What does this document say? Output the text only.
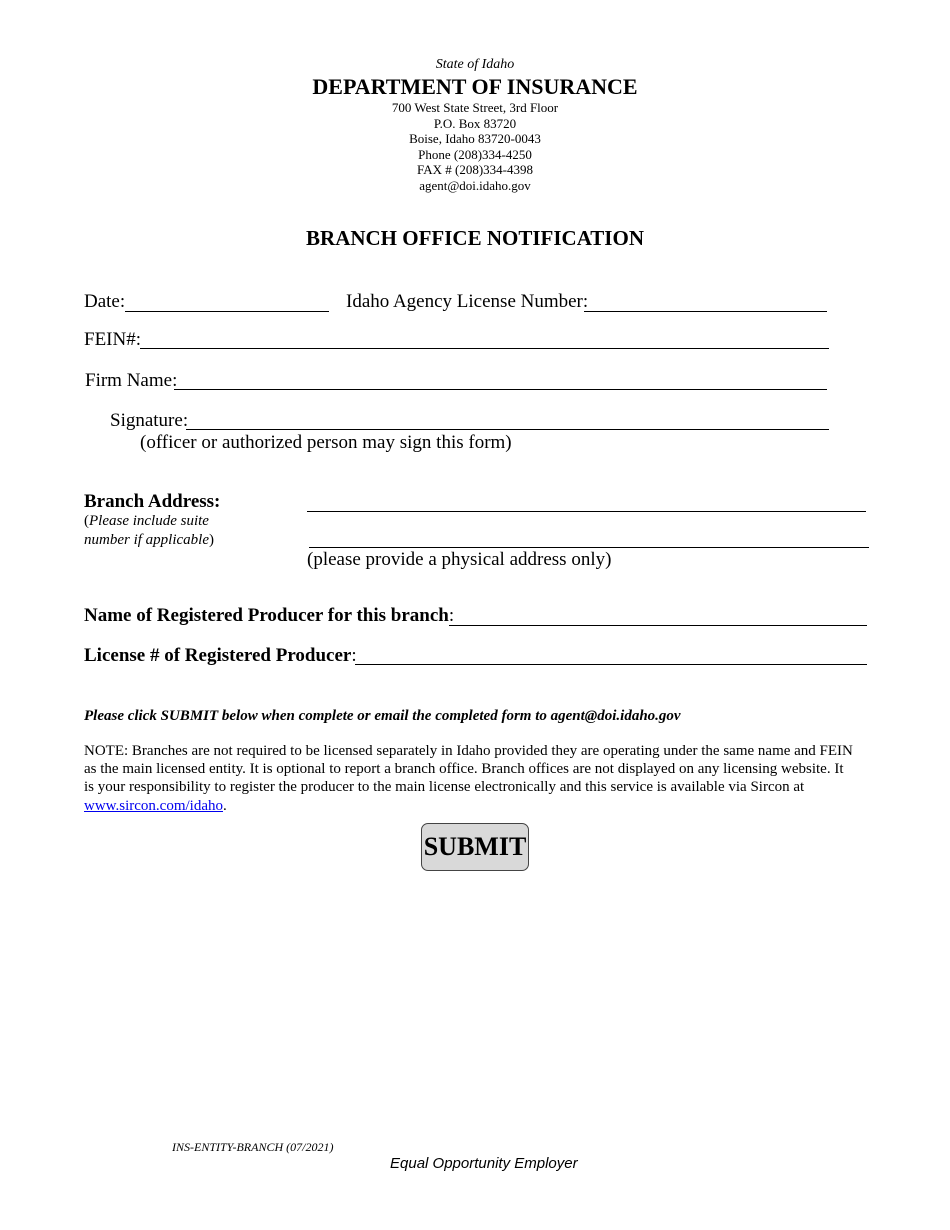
State of Idaho
DEPARTMENT OF INSURANCE
700 West State Street, 3rd Floor
P.O. Box 83720
Boise, Idaho 83720-0043
Phone (208)334-4250
FAX # (208)334-4398
agent@doi.idaho.gov
BRANCH OFFICE NOTIFICATION
Date:	Idaho Agency License Number:
FEIN#:
Firm Name:
Signature:
(officer or authorized person may sign this form)
Branch Address:
(Please include suite
number if applicable)
(please provide a physical address only)
Name of Registered Producer for this branch:
License # of Registered Producer:
Please click SUBMIT below when complete or email the completed form to agent@doi.idaho.gov
NOTE: Branches are not required to be licensed separately in Idaho provided they are operating under the same name and FEIN as the main licensed entity. It is optional to report a branch office. Branch offices are not displayed on any licensing website. It is your responsibility to register the producer to the main license electronically and this service is available via Sircon at www.sircon.com/idaho.
SUBMIT
INS-ENTITY-BRANCH (07/2021)
Equal Opportunity Employer
